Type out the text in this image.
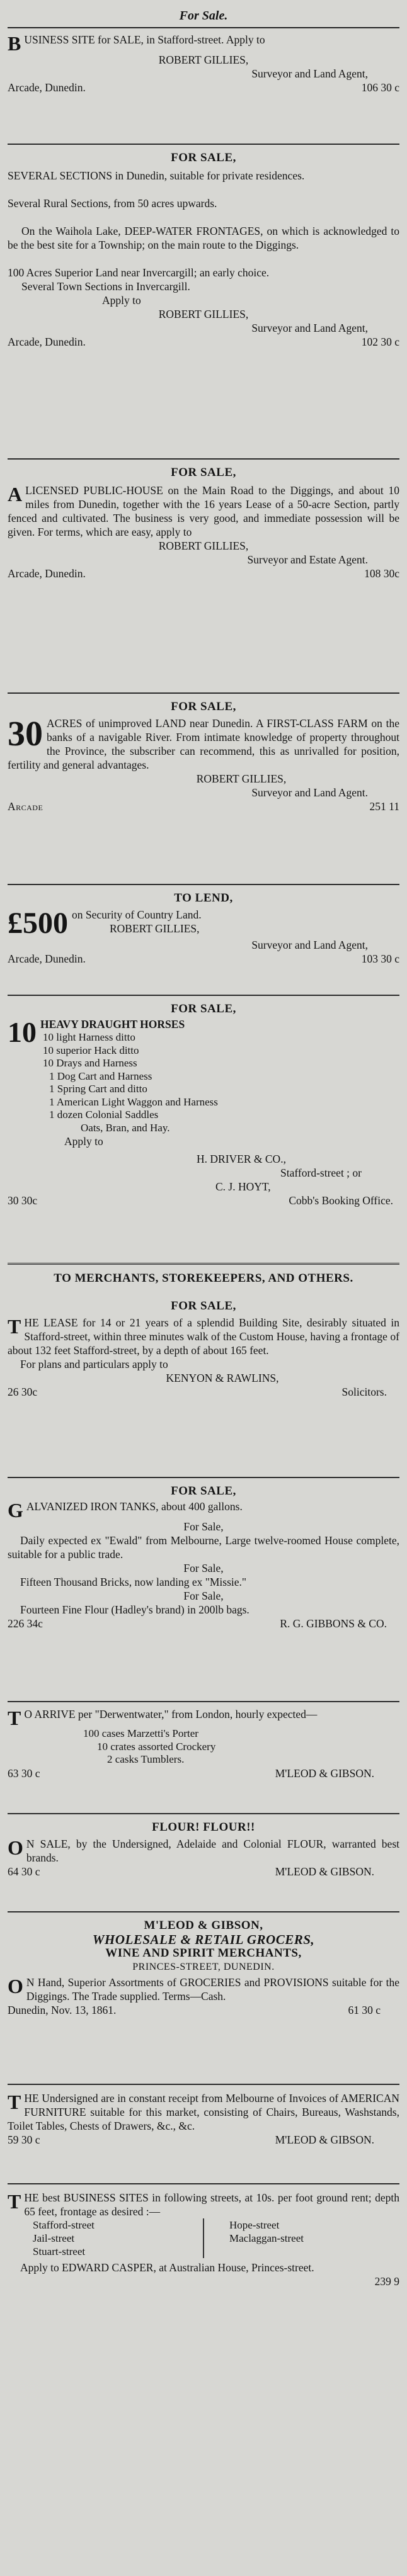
For Sale.

BUSINESS SITE for SALE, in Stafford-street. Apply to

ROBERT GILLIES,

Surveyor and Land Agent,

Arcade, Dunedin.	106 30 c

FOR SALE,

SEVERAL SECTIONS in Dunedin, suitable for private residences.

Several Rural Sections, from 50 acres upwards.

On the Waihola Lake, DEEP-WATER FRONTAGES, on which is acknowledged to be the best site for a Township; on the main route to the Diggings.

100 Acres Superior Land near Invercargill; an early choice.

Several Town Sections in Invercargill.

Apply to

ROBERT GILLIES,

Surveyor and Land Agent,

Arcade, Dunedin.	102 30 c

FOR SALE,

ALICENSED PUBLIC-HOUSE on the Main Road to the Diggings, and about 10 miles from Dunedin, together with the 16 years Lease of a 50-acre Section, partly fenced and cultivated. The business is very good, and immediate possession will be given. For terms, which are easy, apply to

ROBERT GILLIES,

Surveyor and Estate Agent.

Arcade, Dunedin.	108 30c

FOR SALE,

30 ACRES of unimproved LAND near Dunedin. A FIRST-CLASS FARM on the banks of a navigable River. From intimate knowledge of property throughout the Province, the subscriber can recommend, this as unrivalled for position, fertility and general advantages.

ROBERT GILLIES,

Surveyor and Land Agent.

Arcade	251 11

TO LEND,

£500 on Security of Country Land.
ROBERT GILLIES,

Surveyor and Land Agent,

Arcade, Dunedin.	103 30 c

FOR SALE,

10 HEAVY DRAUGHT HORSES

10 light Harness ditto
10 superior Hack ditto
10 Drays and Harness
1 Dog Cart and Harness
1 Spring Cart and ditto
1 American Light Waggon and Harness
1 dozen Colonial Saddles
Oats, Bran, and Hay.

Apply to

H. DRIVER & CO.,

Stafford-street ; or

C. J. HOYT,

30 30c	Cobb's Booking Office.

TO MERCHANTS, STOREKEEPERS, AND OTHERS.

FOR SALE,

THE LEASE for 14 or 21 years of a splendid Building Site, desirably situated in Stafford-street, within three minutes walk of the Custom House, having a frontage of about 132 feet Stafford-street, by a depth of about 165 feet.

For plans and particulars apply to

KENYON & RAWLINS,

26 30c	Solicitors.

FOR SALE,

GALVANIZED IRON TANKS, about 400 gallons.

For Sale,

Daily expected ex "Ewald" from Melbourne, Large twelve-roomed House complete, suitable for a public trade.

For Sale,

Fifteen Thousand Bricks, now landing ex "Missie."

For Sale,

Fourteen Fine Flour (Hadley's brand) in 200lb bags.

226 34c	R. G. GIBBONS & CO.

T O ARRIVE per "Derwentwater," from London, hourly expected—

100 cases Marzetti's Porter
10 crates assorted Crockery
2 casks Tumblers.
63 30 c	M'LEOD & GIBSON.

FLOUR! FLOUR!!

O N SALE, by the Undersigned, Adelaide and Colonial FLOUR, warranted best brands.

64 30 c	M'LEOD & GIBSON.

M'LEOD & GIBSON,

WHOLESALE & RETAIL GROCERS,

WINE AND SPIRIT MERCHANTS,

PRINCES-STREET, DUNEDIN.

O N Hand, Superior Assortments of GROCERIES and PROVISIONS suitable for the Diggings. The Trade supplied. Terms—Cash.

Dunedin, Nov. 13, 1861.	61 30 c

THE Undersigned are in constant receipt from Melbourne of Invoices of AMERICAN FURNITURE suitable for this market, consisting of Chairs, Bureaus, Washstands, Toilet Tables, Chests of Drawers, &c., &c.

59 30 c	M'LEOD & GIBSON.

THE best BUSINESS SITES in following streets, at 10s. per foot ground rent; depth 65 feet, frontage as desired :—

Stafford-street
Jail-street
Stuart-street
Hope-street
Maclaggan-street

Apply to EDWARD CASPER, at Australian House, Princes-street.

239 9
